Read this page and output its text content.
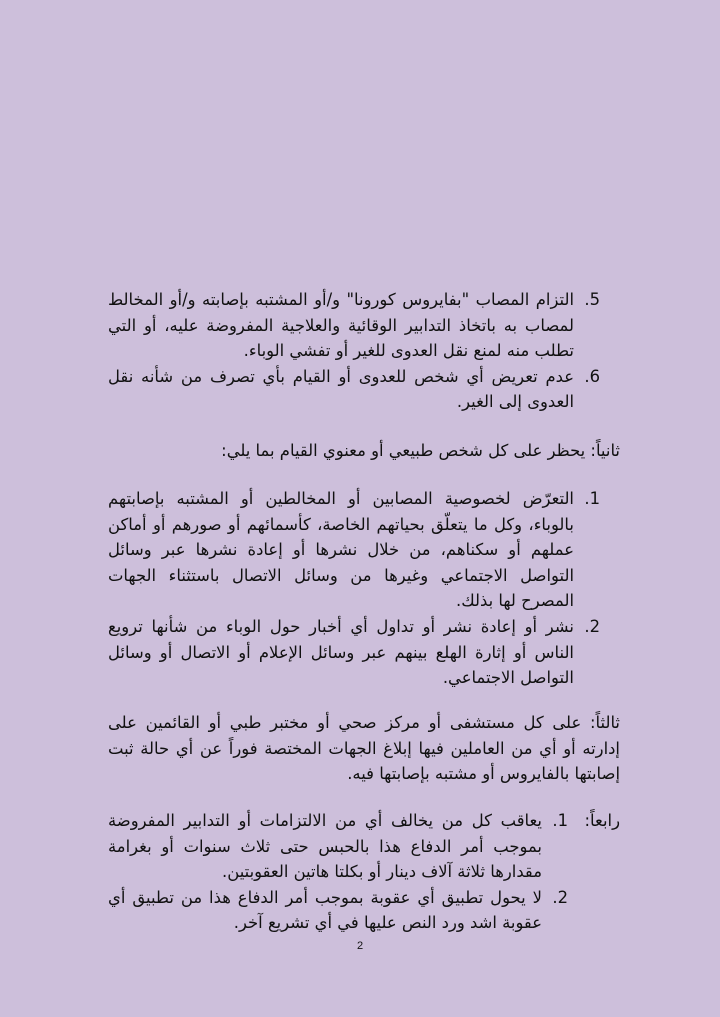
5.
التزام المصاب "بفايروس كورونا" و/أو المشتبه بإصابته و/أو المخالط لمصاب به باتخاذ التدابير الوقائية والعلاجية المفروضة عليه، أو التي تطلب منه لمنع نقل العدوى للغير أو تفشي الوباء.
6.
عدم تعريض أي شخص للعدوى أو القيام بأي تصرف من شأنه نقل العدوى إلى الغير.
ثانياً: يحظر على كل شخص طبيعي أو معنوي القيام بما يلي:
1.
التعرّض لخصوصية المصابين أو المخالطين أو المشتبه بإصابتهم بالوباء، وكل ما يتعلّق بحياتهم الخاصة، كأسمائهم أو صورهم أو أماكن عملهم أو سكناهم، من خلال نشرها أو إعادة نشرها عبر وسائل التواصل الاجتماعي وغيرها من وسائل الاتصال باستثناء الجهات المصرح لها بذلك.
2.
نشر أو إعادة نشر أو تداول أي أخبار حول الوباء من شأنها ترويع الناس أو إثارة الهلع بينهم عبر وسائل الإعلام أو الاتصال أو وسائل التواصل الاجتماعي.
ثالثاً: على كل مستشفى أو مركز صحي أو مختبر طبي أو القائمين على إدارته أو أي من العاملين فيها إبلاغ الجهات المختصة فوراً عن أي حالة ثبت إصابتها بالفايروس أو مشتبه بإصابتها فيه.
رابعاً:
1.
يعاقب كل من يخالف أي من الالتزامات أو التدابير المفروضة بموجب أمر الدفاع هذا بالحبس حتى ثلاث سنوات أو بغرامة مقدارها ثلاثة آلاف دينار أو بكلتا هاتين العقوبتين.
2.
لا يحول تطبيق أي عقوبة بموجب أمر الدفاع هذا من تطبيق أي عقوبة اشد ورد النص عليها في أي تشريع آخر.
2
